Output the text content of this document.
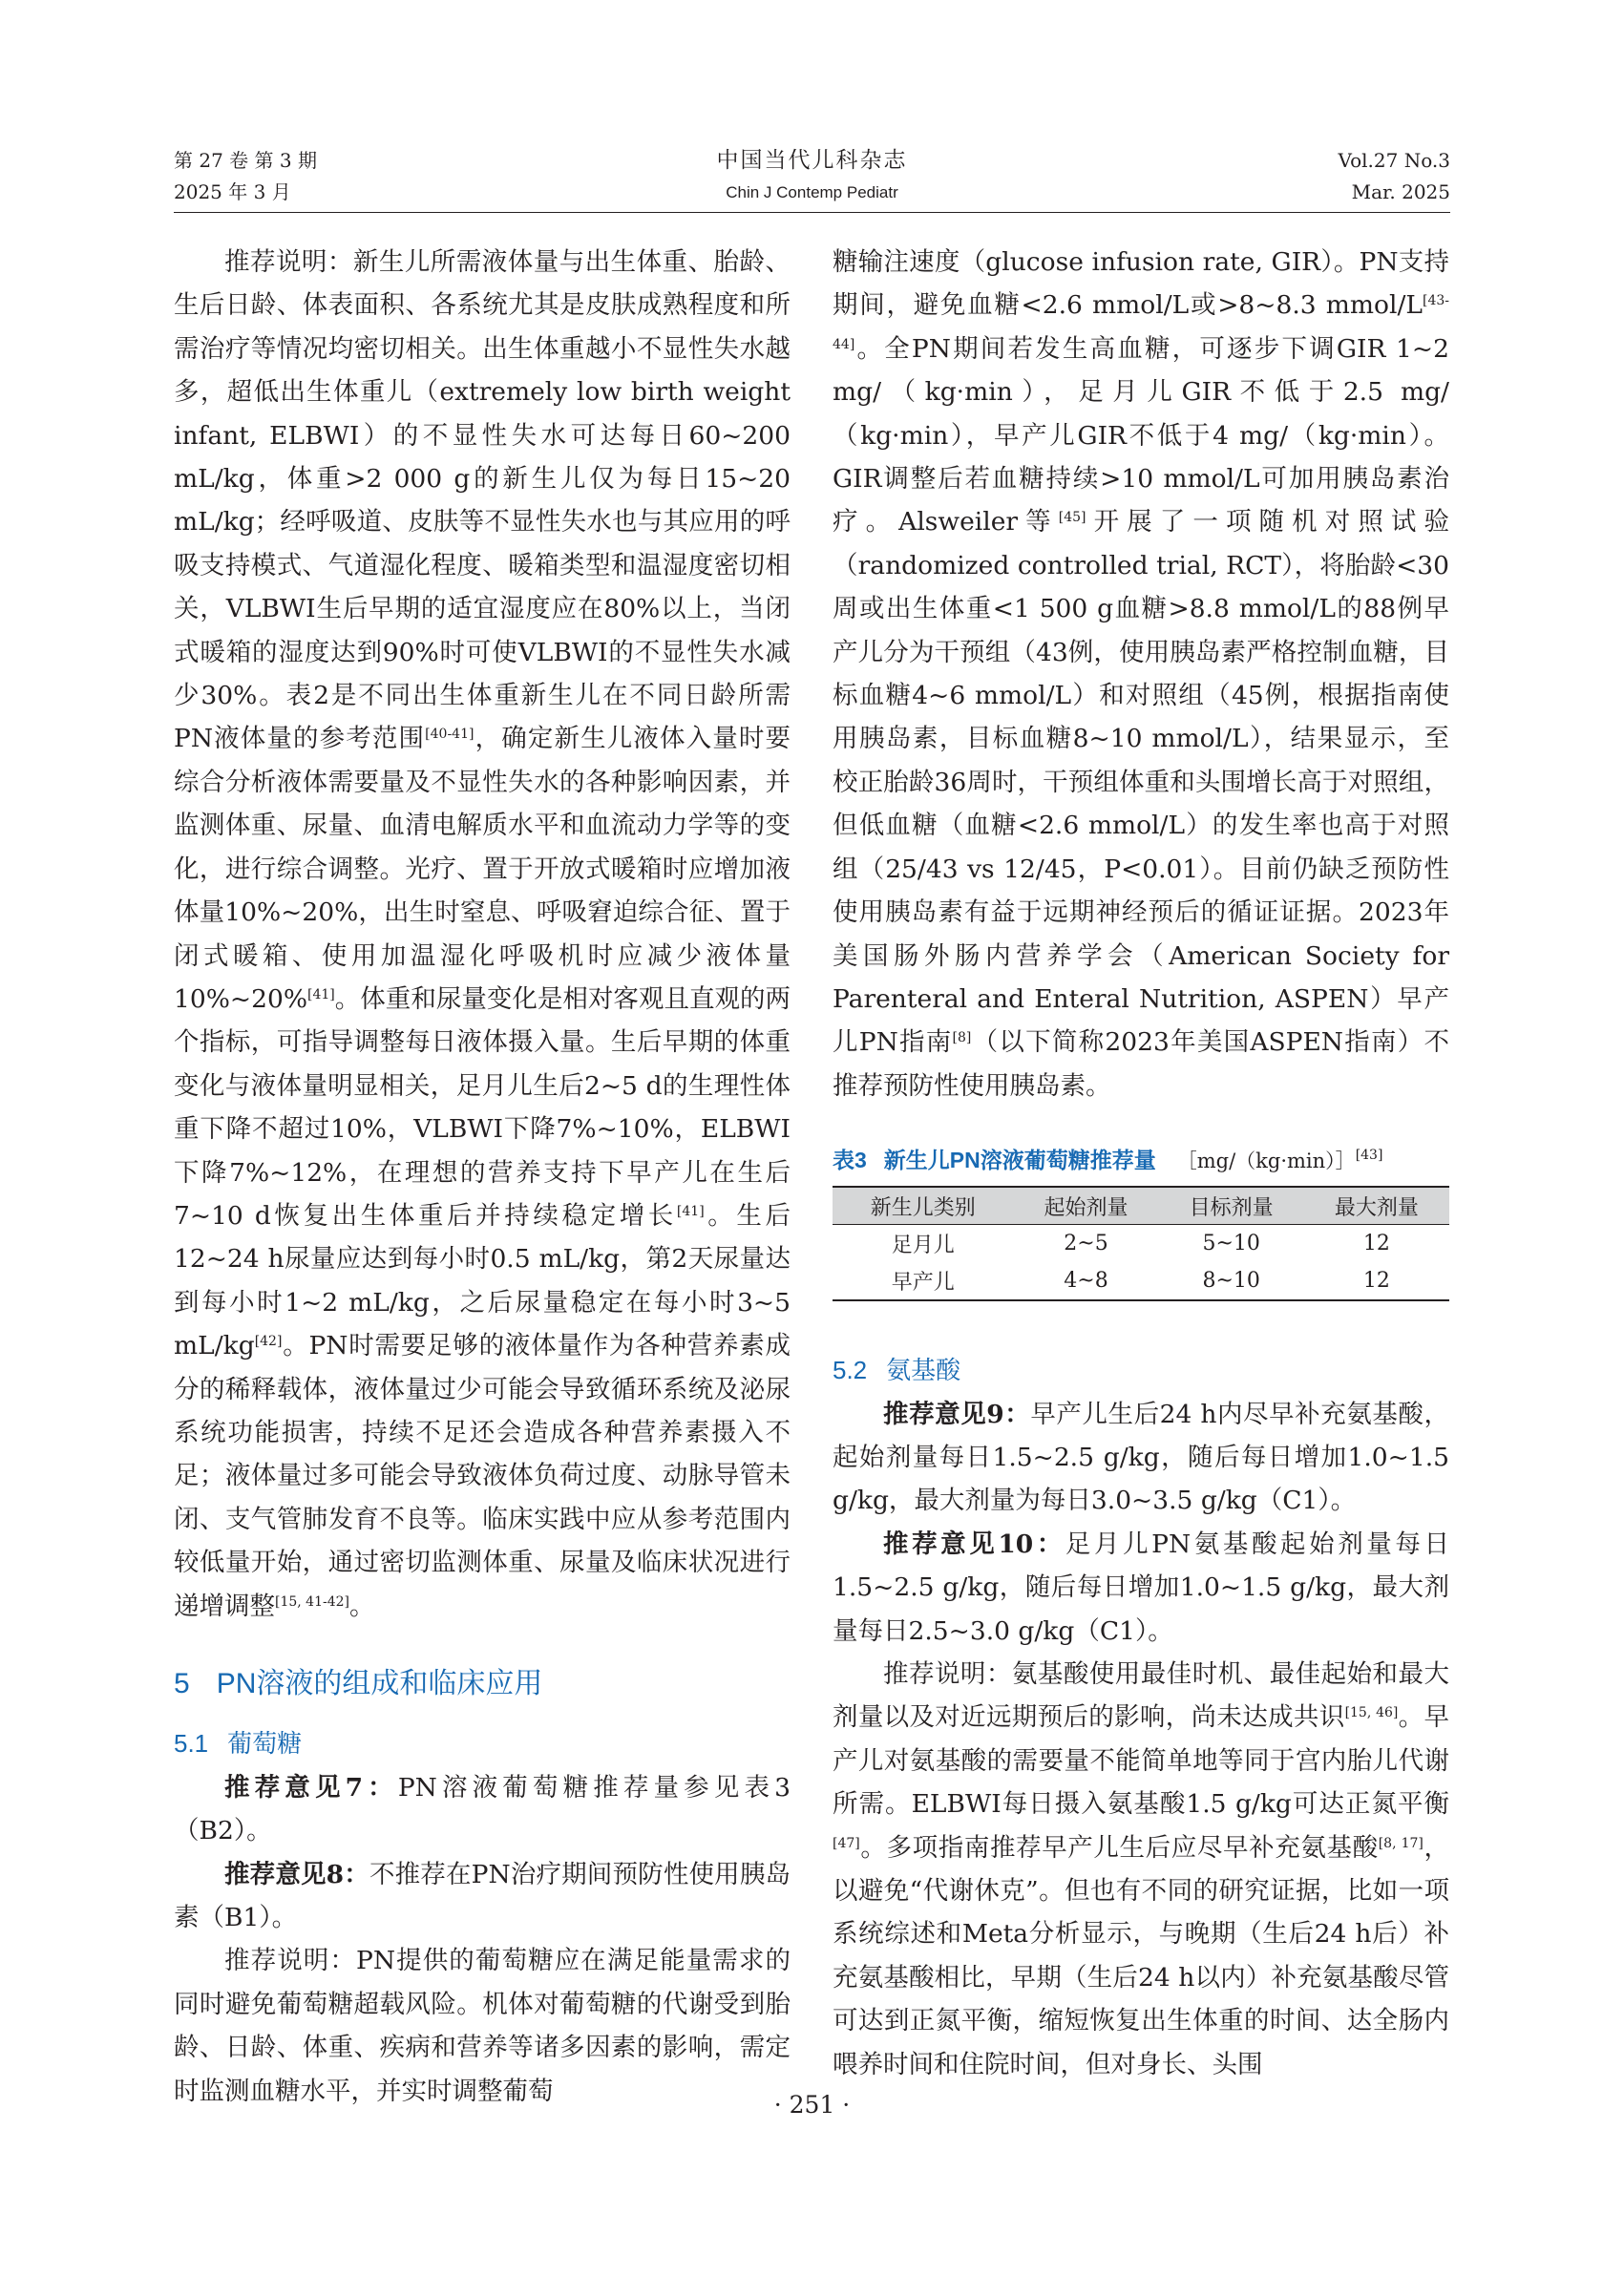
第 27 卷 第 3 期
2025 年 3 月
中国当代儿科杂志
Chin J Contemp Pediatr
Vol.27 No.3
Mar. 2025

推荐说明：新生儿所需液体量与出生体重、胎龄、生后日龄、体表面积、各系统尤其是皮肤成熟程度和所需治疗等情况均密切相关。出生体重越小不显性失水越多，超低出生体重儿（extremely low birth weight infant, ELBWI）的不显性失水可达每日60~200 mL/kg，体重>2 000 g的新生儿仅为每日15~20 mL/kg；经呼吸道、皮肤等不显性失水也与其应用的呼吸支持模式、气道湿化程度、暖箱类型和温湿度密切相关，VLBWI生后早期的适宜湿度应在80%以上，当闭式暖箱的湿度达到90%时可使VLBWI的不显性失水减少30%。表2是不同出生体重新生儿在不同日龄所需PN液体量的参考范围[40-41]，确定新生儿液体入量时要综合分析液体需要量及不显性失水的各种影响因素，并监测体重、尿量、血清电解质水平和血流动力学等的变化，进行综合调整。光疗、置于开放式暖箱时应增加液体量10%~20%，出生时窒息、呼吸窘迫综合征、置于闭式暖箱、使用加温湿化呼吸机时应减少液体量10%~20%[41]。体重和尿量变化是相对客观且直观的两个指标，可指导调整每日液体摄入量。生后早期的体重变化与液体量明显相关，足月儿生后2~5 d的生理性体重下降不超过10%，VLBWI下降7%~10%，ELBWI下降7%~12%，在理想的营养支持下早产儿在生后7~10 d恢复出生体重后并持续稳定增长[41]。生后12~24 h尿量应达到每小时0.5 mL/kg，第2天尿量达到每小时1~2 mL/kg，之后尿量稳定在每小时3~5 mL/kg[42]。PN时需要足够的液体量作为各种营养素成分的稀释载体，液体量过少可能会导致循环系统及泌尿系统功能损害，持续不足还会造成各种营养素摄入不足；液体量过多可能会导致液体负荷过度、动脉导管未闭、支气管肺发育不良等。临床实践中应从参考范围内较低量开始，通过密切监测体重、尿量及临床状况进行递增调整[15, 41-42]。

5 PN溶液的组成和临床应用

5.1 葡萄糖

推荐意见7：PN溶液葡萄糖推荐量参见表3（B2）。

推荐意见8：不推荐在PN治疗期间预防性使用胰岛素（B1）。

推荐说明：PN提供的葡萄糖应在满足能量需求的同时避免葡萄糖超载风险。机体对葡萄糖的代谢受到胎龄、日龄、体重、疾病和营养等诸多因素的影响，需定时监测血糖水平，并实时调整葡萄

糖输注速度（glucose infusion rate, GIR）。PN支持期间，避免血糖<2.6 mmol/L或>8~8.3 mmol/L[43-44]。全PN期间若发生高血糖，可逐步下调GIR 1~2 mg/（kg·min），足月儿GIR不低于2.5 mg/（kg·min），早产儿GIR不低于4 mg/（kg·min）。GIR调整后若血糖持续>10 mmol/L可加用胰岛素治疗。Alsweiler等[45]开展了一项随机对照试验（randomized controlled trial, RCT），将胎龄<30周或出生体重<1 500 g血糖>8.8 mmol/L的88例早产儿分为干预组（43例，使用胰岛素严格控制血糖，目标血糖4~6 mmol/L）和对照组（45例，根据指南使用胰岛素，目标血糖8~10 mmol/L），结果显示，至校正胎龄36周时，干预组体重和头围增长高于对照组，但低血糖（血糖<2.6 mmol/L）的发生率也高于对照组（25/43 vs 12/45，P<0.01）。目前仍缺乏预防性使用胰岛素有益于远期神经预后的循证证据。2023年美国肠外肠内营养学会（American Society for Parenteral and Enteral Nutrition, ASPEN）早产儿PN指南[8]（以下简称2023年美国ASPEN指南）不推荐预防性使用胰岛素。

表3 新生儿PN溶液葡萄糖推荐量 ［mg/（kg·min）］[43]

新生儿类别	起始剂量	目标剂量	最大剂量
足月儿	2~5	5~10	12
早产儿	4~8	8~10	12

5.2 氨基酸

推荐意见9：早产儿生后24 h内尽早补充氨基酸，起始剂量每日1.5~2.5 g/kg，随后每日增加1.0~1.5 g/kg，最大剂量为每日3.0~3.5 g/kg（C1）。

推荐意见10：足月儿PN氨基酸起始剂量每日1.5~2.5 g/kg，随后每日增加1.0~1.5 g/kg，最大剂量每日2.5~3.0 g/kg（C1）。

推荐说明：氨基酸使用最佳时机、最佳起始和最大剂量以及对近远期预后的影响，尚未达成共识[15, 46]。早产儿对氨基酸的需要量不能简单地等同于宫内胎儿代谢所需。ELBWI每日摄入氨基酸1.5 g/kg可达正氮平衡[47]。多项指南推荐早产儿生后应尽早补充氨基酸[8, 17]，以避免“代谢休克”。但也有不同的研究证据，比如一项系统综述和Meta分析显示，与晚期（生后24 h后）补充氨基酸相比，早期（生后24 h以内）补充氨基酸尽管可达到正氮平衡，缩短恢复出生体重的时间、达全肠内喂养时间和住院时间，但对身长、头围

· 251 ·
